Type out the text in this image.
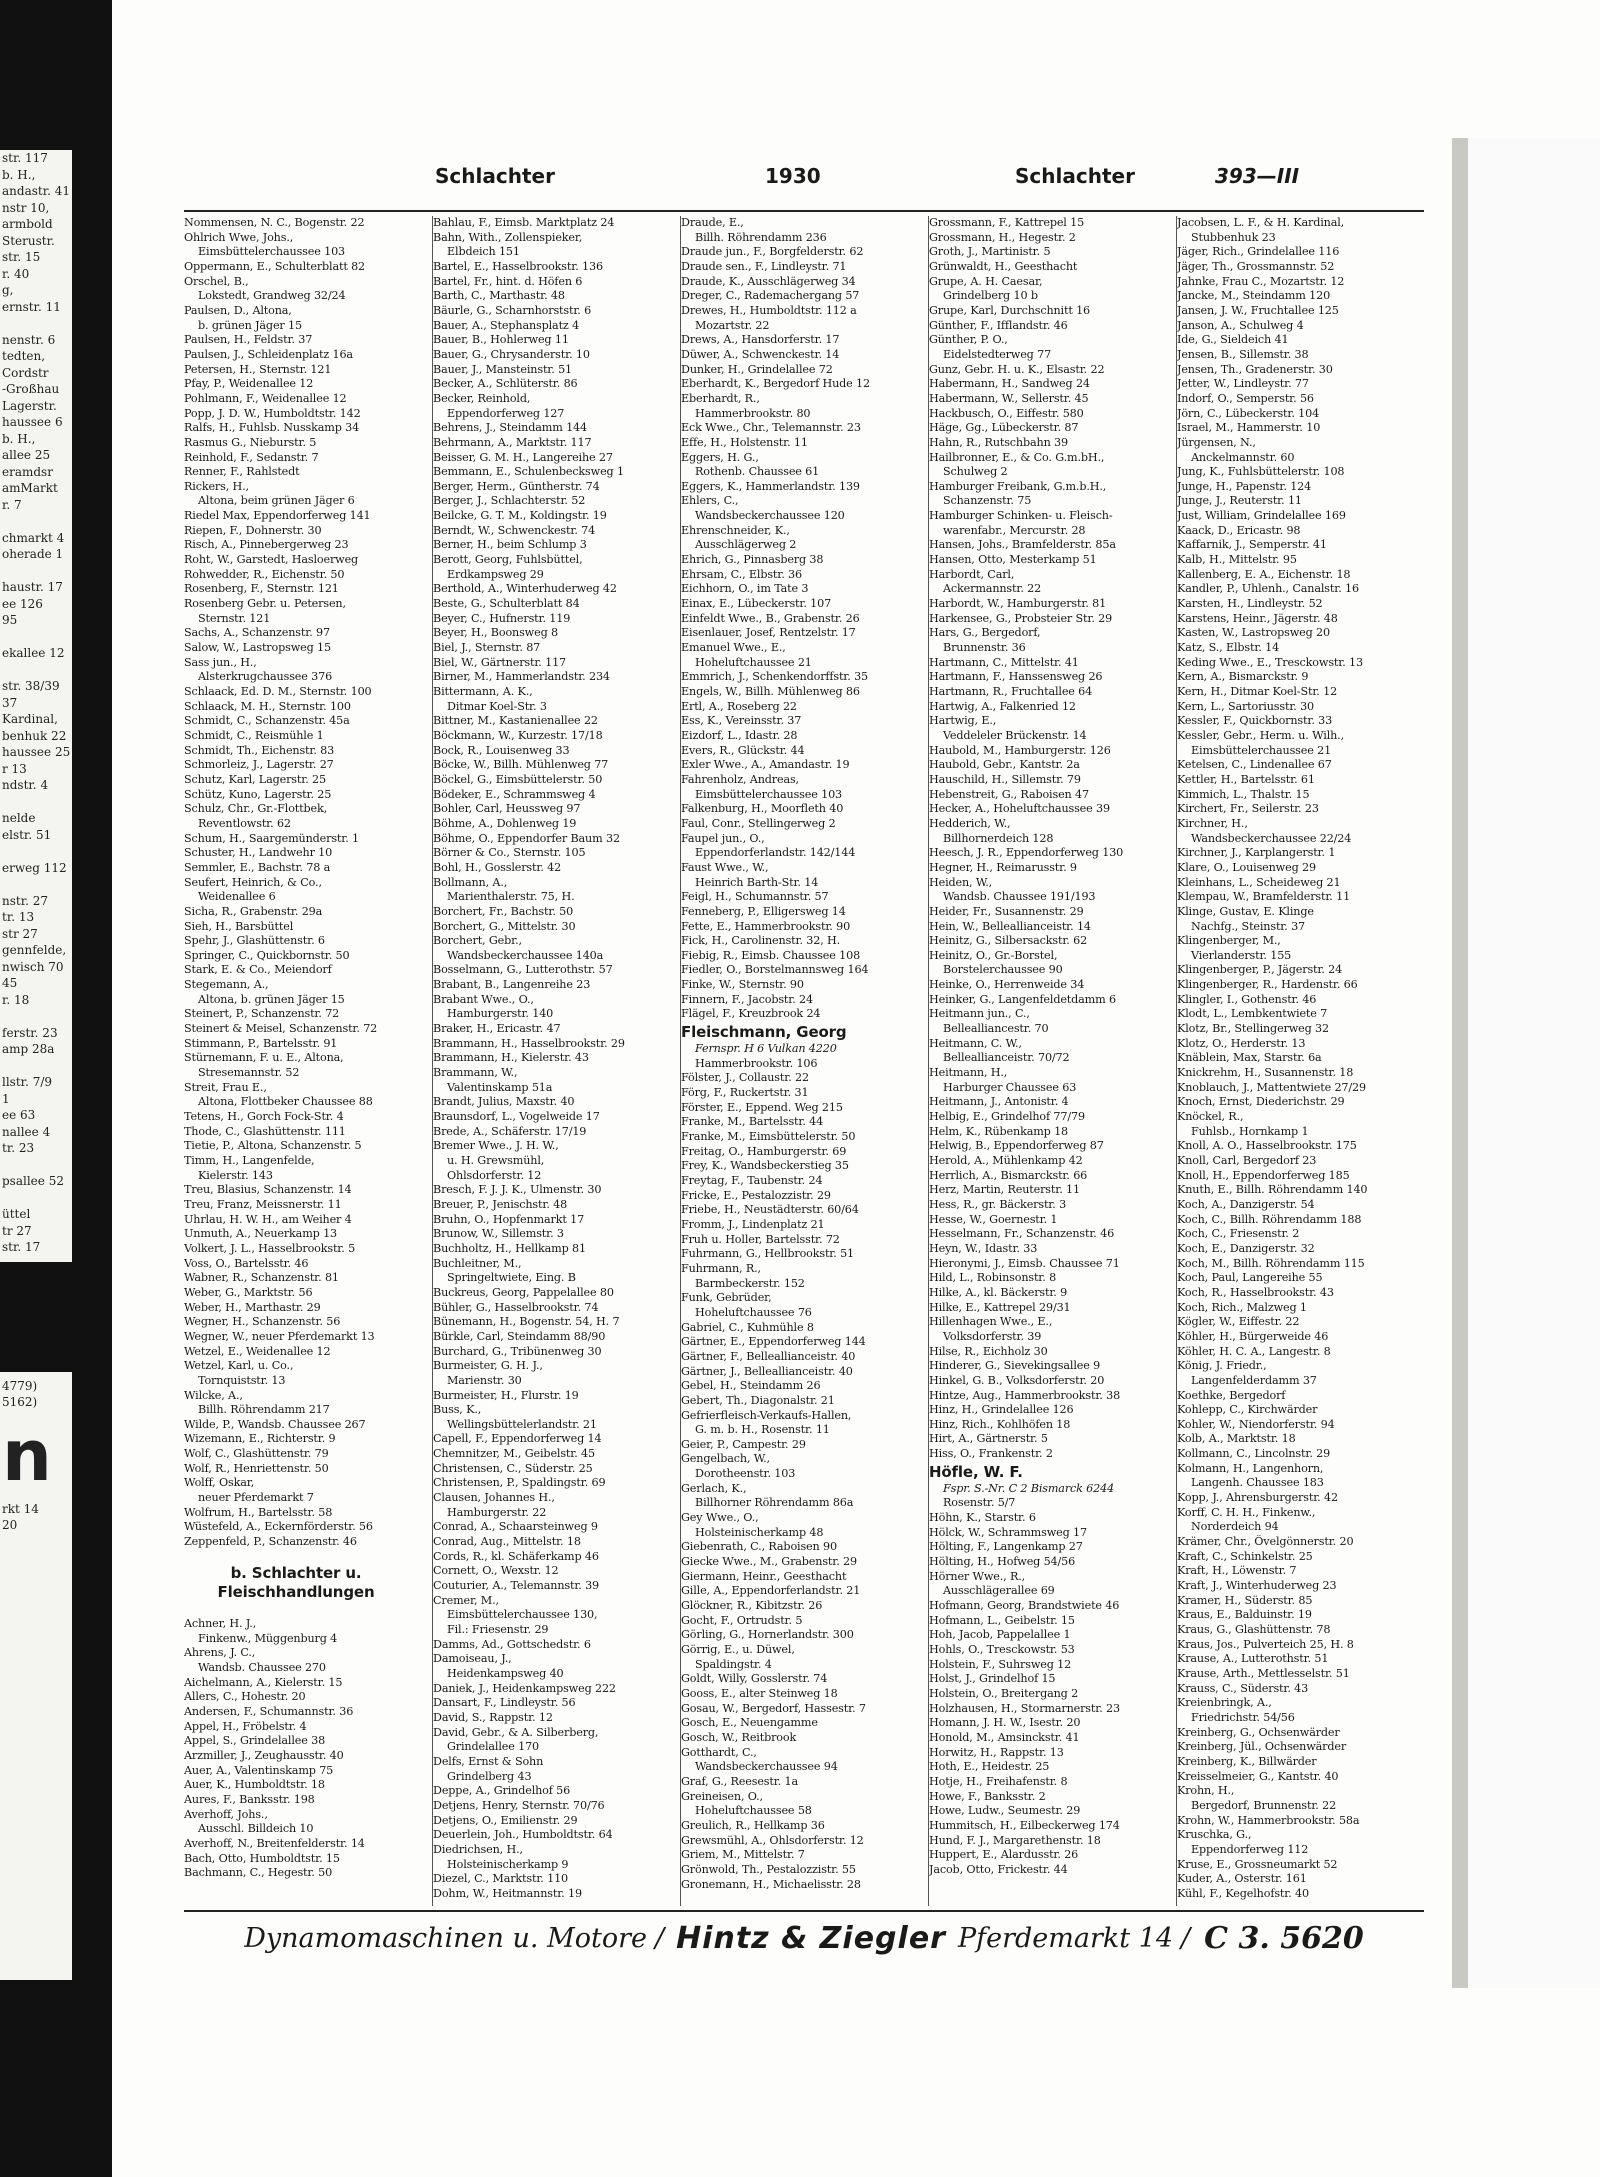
str. 117
b. H.,
andastr. 41
nstr 10,
armbold
Sterustr.
str. 15
r. 40
g,
ernstr. 11

nenstr. 6
tedten,
Cordstr
-Großhau
Lagerstr.
haussee 6
b. H.,
allee 25
eramdsr
amMarkt
r. 7

chmarkt 4
oherade 1

haustr. 17
ee 126
95

ekallee 12

str. 38/39
37
Kardinal,
benhuk 22
haussee 25
r 13
ndstr. 4

nelde
elstr. 51

erweg 112

nstr. 27
tr. 13
str 27
gennfelde,
nwisch 70
45
r. 18

ferstr. 23
amp 28a

llstr. 7/9
1
ee 63
nallee 4
tr. 23

psallee 52

üttel
tr 27
str. 17
4779)
5162)
n
rkt 14
20
Schlachter	1930	Schlachter	393—III
Nommensen, N. C., Bogenstr. 22
Ohlrich Wwe, Johs.,
Eimsbüttelerchaussee 103
Oppermann, E., Schulterblatt 82
Orschel, B.,
Lokstedt, Grandweg 32/24
Paulsen, D., Altona,
b. grünen Jäger 15
Paulsen, H., Feldstr. 37
Paulsen, J., Schleidenplatz 16a
Petersen, H., Sternstr. 121
Pfay, P., Weidenallee 12
Pohlmann, F., Weidenallee 12
Popp, J. D. W., Humboldtstr. 142
Ralfs, H., Fuhlsb. Nusskamp 34
Rasmus G., Nieburstr. 5
Reinhold, F., Sedanstr. 7
Renner, F., Rahlstedt
Rickers, H.,
Altona, beim grünen Jäger 6
Riedel Max, Eppendorferweg 141
Riepen, F., Dohnerstr. 30
Risch, A., Pinnebergerweg 23
Roht, W., Garstedt, Hasloerweg
Rohwedder, R., Eichenstr. 50
Rosenberg, F., Sternstr. 121
Rosenberg Gebr. u. Petersen,
Sternstr. 121
Sachs, A., Schanzenstr. 97
Salow, W., Lastropsweg 15
Sass jun., H.,
Alsterkrugchaussee 376
Schlaack, Ed. D. M., Sternstr. 100
Schlaack, M. H., Sternstr. 100
Schmidt, C., Schanzenstr. 45a
Schmidt, C., Reismühle 1
Schmidt, Th., Eichenstr. 83
Schmorleiz, J., Lagerstr. 27
Schutz, Karl, Lagerstr. 25
Schütz, Kuno, Lagerstr. 25
Schulz, Chr., Gr.-Flottbek,
Reventlowstr. 62
Schum, H., Saargemünderstr. 1
Schuster, H., Landwehr 10
Semmler, E., Bachstr. 78 a
Seufert, Heinrich, & Co.,
Weidenallee 6
Sicha, R., Grabenstr. 29a
Sieh, H., Barsbüttel
Spehr, J., Glashüttenstr. 6
Springer, C., Quickbornstr. 50
Stark, E. & Co., Meiendorf
Stegemann, A.,
Altona, b. grünen Jäger 15
Steinert, P., Schanzenstr. 72
Steinert & Meisel, Schanzenstr. 72
Stimmann, P., Bartelsstr. 91
Stürnemann, F. u. E., Altona,
Stresemannstr. 52
Streit, Frau E.,
Altona, Flottbeker Chaussee 88
Tetens, H., Gorch Fock-Str. 4
Thode, C., Glashüttenstr. 111
Tietie, P., Altona, Schanzenstr. 5
Timm, H., Langenfelde,
Kielerstr. 143
Treu, Blasius, Schanzenstr. 14
Treu, Franz, Meissnerstr. 11
Uhrlau, H. W. H., am Weiher 4
Unmuth, A., Neuerkamp 13
Volkert, J. L., Hasselbrookstr. 5
Voss, O., Bartelsstr. 46
Wabner, R., Schanzenstr. 81
Weber, G., Marktstr. 56
Weber, H., Marthastr. 29
Wegner, H., Schanzenstr. 56
Wegner, W., neuer Pferdemarkt 13
Wetzel, E., Weidenallee 12
Wetzel, Karl, u. Co.,
Tornquiststr. 13
Wilcke, A.,
Billh. Röhrendamm 217
Wilde, P., Wandsb. Chaussee 267
Wizemann, E., Richterstr. 9
Wolf, C., Glashüttenstr. 79
Wolf, R., Henriettenstr. 50
Wolff, Oskar,
neuer Pferdemarkt 7
Wolfrum, H., Bartelsstr. 58
Wüstefeld, A., Eckernförderstr. 56
Zeppenfeld, P., Schanzenstr. 46

b. Schlachter u.
Fleischhandlungen

Achner, H. J.,
Finkenw., Müggenburg 4
Ahrens, J. C.,
Wandsb. Chaussee 270
Aichelmann, A., Kielerstr. 15
Allers, C., Hohestr. 20
Andersen, F., Schumannstr. 36
Appel, H., Fröbelstr. 4
Appel, S., Grindelallee 38
Arzmiller, J., Zeughausstr. 40
Auer, A., Valentinskamp 75
Auer, K., Humboldtstr. 18
Aures, F., Banksstr. 198
Averhoff, Johs.,
Ausschl. Billdeich 10
Averhoff, N., Breitenfelderstr. 14
Bach, Otto, Humboldtstr. 15
Bachmann, C., Hegestr. 50
Bahlau, F., Eimsb. Marktplatz 24
Bahn, With., Zollenspieker,
Elbdeich 151
Bartel, E., Hasselbrookstr. 136
Bartel, Fr., hint. d. Höfen 6
Barth, C., Marthastr. 48
Bäurle, G., Scharnhorststr. 6
Bauer, A., Stephansplatz 4
Bauer, B., Hohlerweg 11
Bauer, G., Chrysanderstr. 10
Bauer, J., Mansteinstr. 51
Becker, A., Schlüterstr. 86
Becker, Reinhold,
Eppendorferweg 127
Behrens, J., Steindamm 144
Behrmann, A., Marktstr. 117
Beisser, G. M. H., Langereihe 27
Bemmann, E., Schulenbecksweg 1
Berger, Herm., Güntherstr. 74
Berger, J., Schlachterstr. 52
Beilcke, G. T. M., Koldingstr. 19
Berndt, W., Schwenckestr. 74
Berner, H., beim Schlump 3
Berott, Georg, Fuhlsbüttel,
Erdkampsweg 29
Berthold, A., Winterhuderweg 42
Beste, G., Schulterblatt 84
Beyer, C., Hufnerstr. 119
Beyer, H., Boonsweg 8
Biel, J., Sternstr. 87
Biel, W., Gärtnerstr. 117
Birner, M., Hammerlandstr. 234
Bittermann, A. K.,
Ditmar Koel-Str. 3
Bittner, M., Kastanienallee 22
Böckmann, W., Kurzestr. 17/18
Bock, R., Louisenweg 33
Böcke, W., Billh. Mühlenweg 77
Böckel, G., Eimsbüttelerstr. 50
Bödeker, E., Schrammsweg 4
Bohler, Carl, Heussweg 97
Böhme, A., Dohlenweg 19
Böhme, O., Eppendorfer Baum 32
Börner & Co., Sternstr. 105
Bohl, H., Gosslerstr. 42
Bollmann, A.,
Marienthalerstr. 75, H.
Borchert, Fr., Bachstr. 50
Borchert, G., Mittelstr. 30
Borchert, Gebr.,
Wandsbeckerchaussee 140a
Bosselmann, G., Lutterothstr. 57
Brabant, B., Langenreihe 23
Brabant Wwe., O.,
Hamburgerstr. 140
Braker, H., Ericastr. 47
Brammann, H., Hasselbrookstr. 29
Brammann, H., Kielerstr. 43
Brammann, W.,
Valentinskamp 51a
Brandt, Julius, Maxstr. 40
Braunsdorf, L., Vogelweide 17
Brede, A., Schäferstr. 17/19
Bremer Wwe., J. H. W.,
u. H. Grewsmühl,
Ohlsdorferstr. 12
Bresch, F. J. J. K., Ulmenstr. 30
Breuer, P., Jenischstr. 48
Bruhn, O., Hopfenmarkt 17
Brunow, W., Sillemstr. 3
Buchholtz, H., Hellkamp 81
Buchleitner, M.,
Springeltwiete, Eing. B
Buckreus, Georg, Pappelallee 80
Bühler, G., Hasselbrookstr. 74
Bünemann, H., Bogenstr. 54, H. 7
Bürkle, Carl, Steindamm 88/90
Burchard, G., Tribünenweg 30
Burmeister, G. H. J.,
Marienstr. 30
Burmeister, H., Flurstr. 19
Buss, K.,
Wellingsbüttelerlandstr. 21
Capell, F., Eppendorferweg 14
Chemnitzer, M., Geibelstr. 45
Christensen, C., Süderstr. 25
Christensen, P., Spaldingstr. 69
Clausen, Johannes H.,
Hamburgerstr. 22
Conrad, A., Schaarsteinweg 9
Conrad, Aug., Mittelstr. 18
Cords, R., kl. Schäferkamp 46
Cornett, O., Wexstr. 12
Couturier, A., Telemannstr. 39
Cremer, M.,
Eimsbüttelerchaussee 130,
Fil.: Friesenstr. 29
Damms, Ad., Gottschedstr. 6
Damoiseau, J.,
Heidenkampsweg 40
Daniek, J., Heidenkampsweg 222
Dansart, F., Lindleystr. 56
David, S., Rappstr. 12
David, Gebr., & A. Silberberg,
Grindelallee 170
Delfs, Ernst & Sohn
Grindelberg 43
Deppe, A., Grindelhof 56
Detjens, Henry, Sternstr. 70/76
Detjens, O., Emilienstr. 29
Deuerlein, Joh., Humboldtstr. 64
Diedrichsen, H.,
Holsteinischerkamp 9
Diezel, C., Marktstr. 110
Dohm, W., Heitmannstr. 19
Draude, E.,
Billh. Röhrendamm 236
Draude jun., F., Borgfelderstr. 62
Draude sen., F., Lindleystr. 71
Draude, K., Ausschlägerweg 34
Dreger, C., Rademachergang 57
Drewes, H., Humboldtstr. 112 a
Mozartstr. 22
Drews, A., Hansdorferstr. 17
Düwer, A., Schwenckestr. 14
Dunker, H., Grindelallee 72
Eberhardt, K., Bergedorf Hude 12
Eberhardt, R.,
Hammerbrookstr. 80
Eck Wwe., Chr., Telemannstr. 23
Effe, H., Holstenstr. 11
Eggers, H. G.,
Rothenb. Chaussee 61
Eggers, K., Hammerlandstr. 139
Ehlers, C.,
Wandsbeckerchaussee 120
Ehrenschneider, K.,
Ausschlägerweg 2
Ehrich, G., Pinnasberg 38
Ehrsam, C., Elbstr. 36
Eichhorn, O., im Tate 3
Einax, E., Lübeckerstr. 107
Einfeldt Wwe., B., Grabenstr. 26
Eisenlauer, Josef, Rentzelstr. 17
Emanuel Wwe., E.,
Hoheluftchaussee 21
Emmrich, J., Schenkendorffstr. 35
Engels, W., Billh. Mühlenweg 86
Ertl, A., Roseberg 22
Ess, K., Vereinsstr. 37
Eizdorf, L., Idastr. 28
Evers, R., Glückstr. 44
Exler Wwe., A., Amandastr. 19
Fahrenholz, Andreas,
Eimsbüttelerchaussee 103
Falkenburg, H., Moorfleth 40
Faul, Conr., Stellingerweg 2
Faupel jun., O.,
Eppendorferlandstr. 142/144
Faust Wwe., W.,
Heinrich Barth-Str. 14
Feigl, H., Schumannstr. 57
Fenneberg, P., Elligersweg 14
Fette, E., Hammerbrookstr. 90
Fick, H., Carolinenstr. 32, H.
Fiebig, R., Eimsb. Chaussee 108
Fiedler, O., Borstelmannsweg 164
Finke, W., Sternstr. 90
Finnern, F., Jacobstr. 24
Flägel, F., Kreuzbrook 24
Fleischmann, Georg
Fernspr. H 6 Vulkan 4220
Hammerbrookstr. 106
Fölster, J., Collaustr. 22
Förg, F., Ruckertstr. 31
Förster, E., Eppend. Weg 215
Franke, M., Bartelsstr. 44
Franke, M., Eimsbüttelerstr. 50
Freitag, O., Hamburgerstr. 69
Frey, K., Wandsbeckerstieg 35
Freytag, F., Taubenstr. 24
Fricke, E., Pestalozzistr. 29
Friebe, H., Neustädterstr. 60/64
Fromm, J., Lindenplatz 21
Fruh u. Holler, Bartelsstr. 72
Fuhrmann, G., Hellbrookstr. 51
Fuhrmann, R.,
Barmbeckerstr. 152
Funk, Gebrüder,
Hoheluftchaussee 76
Gabriel, C., Kuhmühle 8
Gärtner, E., Eppendorferweg 144
Gärtner, F., Belleallianceistr. 40
Gärtner, J., Belleallianceistr. 40
Gebel, H., Steindamm 26
Gebert, Th., Diagonalstr. 21
Gefrierfleisch-Verkaufs-Hallen,
G. m. b. H., Rosenstr. 11
Geier, P., Campestr. 29
Gengelbach, W.,
Dorotheenstr. 103
Gerlach, K.,
Billhorner Röhrendamm 86a
Gey Wwe., O.,
Holsteinischerkamp 48
Giebenrath, C., Raboisen 90
Giecke Wwe., M., Grabenstr. 29
Giermann, Heinr., Geesthacht
Gille, A., Eppendorferlandstr. 21
Glöckner, R., Kibitzstr. 26
Gocht, F., Ortrudstr. 5
Görling, G., Hornerlandstr. 300
Görrig, E., u. Düwel,
Spaldingstr. 4
Goldt, Willy, Gosslerstr. 74
Gooss, E., alter Steinweg 18
Gosau, W., Bergedorf, Hassestr. 7
Gosch, E., Neuengamme
Gosch, W., Reitbrook
Gotthardt, C.,
Wandsbeckerchaussee 94
Graf, G., Reesestr. 1a
Greineisen, O.,
Hoheluftchaussee 58
Greulich, R., Hellkamp 36
Grewsmühl, A., Ohlsdorferstr. 12
Griem, M., Mittelstr. 7
Grönwold, Th., Pestalozzistr. 55
Gronemann, H., Michaelisstr. 28
Grossmann, F., Kattrepel 15
Grossmann, H., Hegestr. 2
Groth, J., Martinistr. 5
Grünwaldt, H., Geesthacht
Grupe, A. H. Caesar,
Grindelberg 10 b
Grupe, Karl, Durchschnitt 16
Günther, F., Ifflandstr. 46
Günther, P. O.,
Eidelstedterweg 77
Gunz, Gebr. H. u. K., Elsastr. 22
Habermann, H., Sandweg 24
Habermann, W., Sellerstr. 45
Hackbusch, O., Eiffestr. 580
Häge, Gg., Lübeckerstr. 87
Hahn, R., Rutschbahn 39
Hailbronner, E., & Co. G.m.bH.,
Schulweg 2
Hamburger Freibank, G.m.b.H.,
Schanzenstr. 75
Hamburger Schinken- u. Fleisch-
warenfabr., Mercurstr. 28
Hansen, Johs., Bramfelderstr. 85a
Hansen, Otto, Mesterkamp 51
Harbordt, Carl,
Ackermannstr. 22
Harbordt, W., Hamburgerstr. 81
Harkensee, G., Probsteier Str. 29
Hars, G., Bergedorf,
Brunnenstr. 36
Hartmann, C., Mittelstr. 41
Hartmann, F., Hanssensweg 26
Hartmann, R., Fruchtallee 64
Hartwig, A., Falkenried 12
Hartwig, E.,
Veddeleler Brückenstr. 14
Haubold, M., Hamburgerstr. 126
Haubold, Gebr., Kantstr. 2a
Hauschild, H., Sillemstr. 79
Hebenstreit, G., Raboisen 47
Hecker, A., Hoheluftchaussee 39
Hedderich, W.,
Billhornerdeich 128
Heesch, J. R., Eppendorferweg 130
Hegner, H., Reimarusstr. 9
Heiden, W.,
Wandsb. Chaussee 191/193
Heider, Fr., Susannenstr. 29
Hein, W., Belleallianceistr. 14
Heinitz, G., Silbersackstr. 62
Heinitz, O., Gr.-Borstel,
Borstelerchaussee 90
Heinke, O., Herrenweide 34
Heinker, G., Langenfeldetdamm 6
Heitmann jun., C.,
Bellealliancestr. 70
Heitmann, C. W.,
Belleallianceistr. 70/72
Heitmann, H.,
Harburger Chaussee 63
Heitmann, J., Antonistr. 4
Helbig, E., Grindelhof 77/79
Helm, K., Rübenkamp 18
Helwig, B., Eppendorferweg 87
Herold, A., Mühlenkamp 42
Herrlich, A., Bismarckstr. 66
Herz, Martin, Reuterstr. 11
Hess, R., gr. Bäckerstr. 3
Hesse, W., Goernestr. 1
Hesselmann, Fr., Schanzenstr. 46
Heyn, W., Idastr. 33
Hieronymi, J., Eimsb. Chaussee 71
Hild, L., Robinsonstr. 8
Hilke, A., kl. Bäckerstr. 9
Hilke, E., Kattrepel 29/31
Hillenhagen Wwe., E.,
Volksdorferstr. 39
Hilse, R., Eichholz 30
Hinderer, G., Sievekingsallee 9
Hinkel, G. B., Volksdorferstr. 20
Hintze, Aug., Hammerbrookstr. 38
Hinz, H., Grindelallee 126
Hinz, Rich., Kohlhöfen 18
Hirt, A., Gärtnerstr. 5
Hiss, O., Frankenstr. 2
Höfle, W. F.
Fspr. S.-Nr. C 2 Bismarck 6244
Rosenstr. 5/7
Höhn, K., Starstr. 6
Hölck, W., Schrammsweg 17
Hölting, F., Langenkamp 27
Hölting, H., Hofweg 54/56
Hörner Wwe., R.,
Ausschlägerallee 69
Hofmann, Georg, Brandstwiete 46
Hofmann, L., Geibelstr. 15
Hoh, Jacob, Pappelallee 1
Hohls, O., Tresckowstr. 53
Holstein, F., Suhrsweg 12
Holst, J., Grindelhof 15
Holstein, O., Breitergang 2
Holzhausen, H., Stormarnerstr. 23
Homann, J. H. W., Isestr. 20
Honold, M., Amsinckstr. 41
Horwitz, H., Rappstr. 13
Hoth, E., Heidestr. 25
Hotje, H., Freihafenstr. 8
Howe, F., Banksstr. 2
Howe, Ludw., Seumestr. 29
Hummitsch, H., Eilbeckerweg 174
Hund, F. J., Margarethenstr. 18
Huppert, E., Alardusstr. 26
Jacob, Otto, Frickestr. 44
Jacobsen, L. F., & H. Kardinal,
Stubbenhuk 23
Jäger, Rich., Grindelallee 116
Jäger, Th., Grossmannstr. 52
Jahnke, Frau C., Mozartstr. 12
Jancke, M., Steindamm 120
Jansen, J. W., Fruchtallee 125
Janson, A., Schulweg 4
Ide, G., Sieldeich 41
Jensen, B., Sillemstr. 38
Jensen, Th., Gradenerstr. 30
Jetter, W., Lindleystr. 77
Indorf, O., Semperstr. 56
Jörn, C., Lübeckerstr. 104
Israel, M., Hammerstr. 10
Jürgensen, N.,
Anckelmannstr. 60
Jung, K., Fuhlsbüttelerstr. 108
Junge, H., Papenstr. 124
Junge, J., Reuterstr. 11
Just, William, Grindelallee 169
Kaack, D., Ericastr. 98
Kaffarnik, J., Semperstr. 41
Kalb, H., Mittelstr. 95
Kallenberg, E. A., Eichenstr. 18
Kandler, P., Uhlenh., Canalstr. 16
Karsten, H., Lindleystr. 52
Karstens, Heinr., Jägerstr. 48
Kasten, W., Lastropsweg 20
Katz, S., Elbstr. 14
Keding Wwe., E., Tresckowstr. 13
Kern, A., Bismarckstr. 9
Kern, H., Ditmar Koel-Str. 12
Kern, L., Sartoriusstr. 30
Kessler, F., Quickbornstr. 33
Kessler, Gebr., Herm. u. Wilh.,
Eimsbüttelerchaussee 21
Ketelsen, C., Lindenallee 67
Kettler, H., Bartelsstr. 61
Kimmich, L., Thalstr. 15
Kirchert, Fr., Seilerstr. 23
Kirchner, H.,
Wandsbeckerchaussee 22/24
Kirchner, J., Karplangerstr. 1
Klare, O., Louisenweg 29
Kleinhans, L., Scheideweg 21
Klempau, W., Bramfelderstr. 11
Klinge, Gustav, E. Klinge
Nachfg., Steinstr. 37
Klingenberger, M.,
Vierlanderstr. 155
Klingenberger, P., Jägerstr. 24
Klingenberger, R., Hardenstr. 66
Klingler, I., Gothenstr. 46
Klodt, L., Lembkentwiete 7
Klotz, Br., Stellingerweg 32
Klotz, O., Herderstr. 13
Knäblein, Max, Starstr. 6a
Knickrehm, H., Susannenstr. 18
Knoblauch, J., Mattentwiete 27/29
Knoch, Ernst, Diederichstr. 29
Knöckel, R.,
Fuhlsb., Hornkamp 1
Knoll, A. O., Hasselbrookstr. 175
Knoll, Carl, Bergedorf 23
Knoll, H., Eppendorferweg 185
Knuth, E., Billh. Röhrendamm 140
Koch, A., Danzigerstr. 54
Koch, C., Billh. Röhrendamm 188
Koch, C., Friesenstr. 2
Koch, E., Danzigerstr. 32
Koch, M., Billh. Röhrendamm 115
Koch, Paul, Langereihe 55
Koch, R., Hasselbrookstr. 43
Koch, Rich., Malzweg 1
Kögler, W., Eiffestr. 22
Köhler, H., Bürgerweide 46
Köhler, H. C. A., Langestr. 8
König, J. Friedr.,
Langenfelderdamm 37
Koethke, Bergedorf
Kohlepp, C., Kirchwärder
Kohler, W., Niendorferstr. 94
Kolb, A., Marktstr. 18
Kollmann, C., Lincolnstr. 29
Kolmann, H., Langenhorn,
Langenh. Chaussee 183
Kopp, J., Ahrensburgerstr. 42
Korff, C. H. H., Finkenw.,
Norderdeich 94
Krämer, Chr., Övelgönnerstr. 20
Kraft, C., Schinkelstr. 25
Kraft, H., Löwenstr. 7
Kraft, J., Winterhuderweg 23
Kramer, H., Süderstr. 85
Kraus, E., Balduinstr. 19
Kraus, G., Glashüttenstr. 78
Kraus, Jos., Pulverteich 25, H. 8
Krause, A., Lutterothstr. 51
Krause, Arth., Mettlesselstr. 51
Krauss, C., Süderstr. 43
Kreienbringk, A.,
Friedrichstr. 54/56
Kreinberg, G., Ochsenwärder
Kreinberg, Jül., Ochsenwärder
Kreinberg, K., Billwärder
Kreisselmeier, G., Kantstr. 40
Krohn, H.,
Bergedorf, Brunnenstr. 22
Krohn, W., Hammerbrookstr. 58a
Kruschka, G.,
Eppendorferweg 112
Kruse, E., Grossneumarkt 52
Kuder, A., Osterstr. 161
Kühl, F., Kegelhofstr. 40
Dynamomaschinen u. Motore / Hintz & Ziegler Pferdemarkt 14 / C 3. 5620
